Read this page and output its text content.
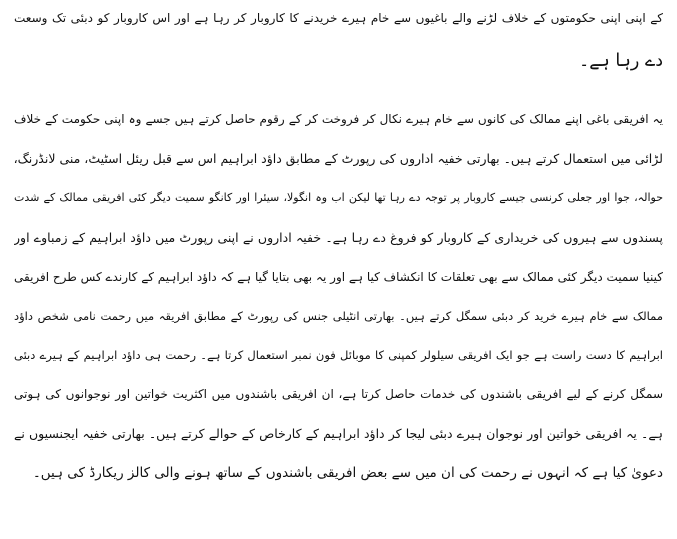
کے اپنی اپنی حکومتوں کے خلاف لڑنے والے باغیوں سے خام ہیرے خریدنے کا کاروبار کر رہا ہے اور اس کاروبار کو دبئی تک وسعت
دے رہا ہے۔
یہ افریقی باغی اپنے ممالک کی کانوں سے خام ہیرے نکال کر فروخت کر کے رقوم حاصل کرتے ہیں جسے وہ اپنی حکومت کے خلاف
لڑائی میں استعمال کرتے ہیں۔ بھارتی خفیہ اداروں کی رپورٹ کے مطابق داؤد ابراہیم اس سے قبل ریئل اسٹیٹ، منی لانڈرنگ،
حوالہ، جوا اور جعلی کرنسی جیسے کاروبار پر توجہ دے رہا تھا لیکن اب وہ انگولا، سیئرا اور کانگو سمیت دیگر کئی افریقی ممالک کے شدت
پسندوں سے ہیروں کی خریداری کے کاروبار کو فروغ دے رہا ہے۔ خفیہ اداروں نے اپنی رپورٹ میں داؤد ابراہیم کے زمباوے اور
کینیا سمیت دیگر کئی ممالک سے بھی تعلقات کا انکشاف کیا ہے اور یہ بھی بتایا گیا ہے کہ داؤد ابراہیم کے کارندے کس طرح افریقی
ممالک سے خام ہیرے خرید کر دبئی سمگل کرتے ہیں۔ بھارتی انٹیلی جنس کی رپورٹ کے مطابق افریقہ میں رحمت نامی شخص داؤد
ابراہیم کا دست راست ہے جو ایک افریقی سیلولر کمپنی کا موبائل فون نمبر استعمال کرتا ہے۔ رحمت ہی داؤد ابراہیم کے ہیرے دبئی
سمگل کرنے کے لیے افریقی باشندوں کی خدمات حاصل کرتا ہے، ان افریقی باشندوں میں اکثریت خواتین اور نوجوانوں کی ہوتی
ہے۔ یہ افریقی خواتین اور نوجوان ہیرے دبئی لیجا کر داؤد ابراہیم کے کارخاص کے حوالے کرتے ہیں۔ بھارتی خفیہ ایجنسیوں نے
دعویٰ کیا ہے کہ انہوں نے رحمت کی ان میں سے بعض افریقی باشندوں کے ساتھ ہونے والی کالز ریکارڈ کی ہیں۔
